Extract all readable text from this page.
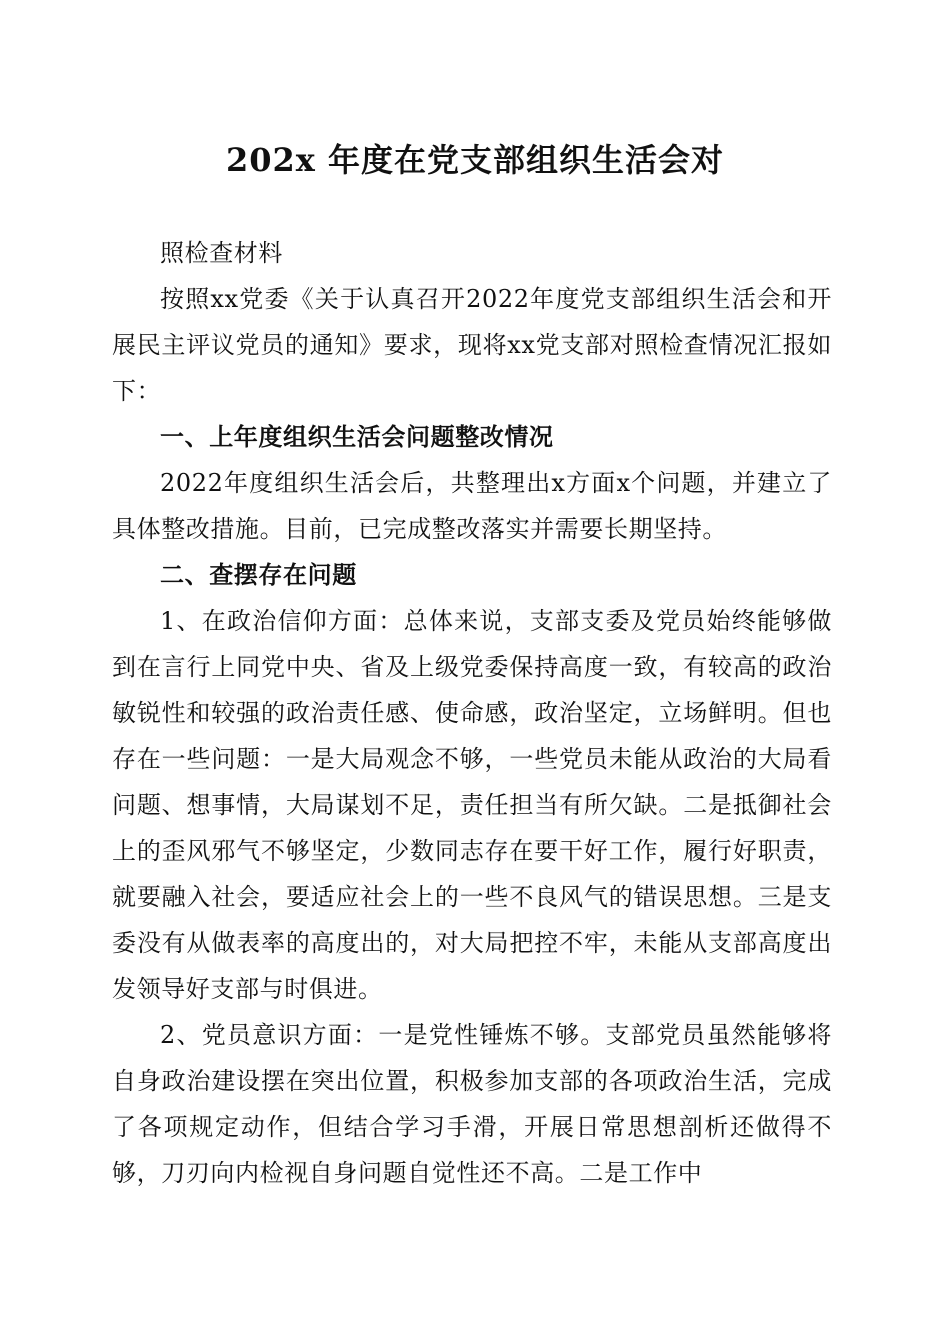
202x 年度在党支部组织生活会对

照检查材料

按照xx党委《关于认真召开2022年度党支部组织生活会和开展民主评议党员的通知》要求，现将xx党支部对照检查情况汇报如下：

一、上年度组织生活会问题整改情况

2022年度组织生活会后，共整理出x方面x个问题，并建立了具体整改措施。目前，已完成整改落实并需要长期坚持。

二、查摆存在问题

1、在政治信仰方面：总体来说，支部支委及党员始终能够做到在言行上同党中央、省及上级党委保持高度一致，有较高的政治敏锐性和较强的政治责任感、使命感，政治坚定，立场鲜明。但也存在一些问题：一是大局观念不够，一些党员未能从政治的大局看问题、想事情，大局谋划不足，责任担当有所欠缺。二是抵御社会上的歪风邪气不够坚定，少数同志存在要干好工作，履行好职责，就要融入社会，要适应社会上的一些不良风气的错误思想。三是支委没有从做表率的高度出的，对大局把控不牢，未能从支部高度出发领导好支部与时俱进。

2、党员意识方面：一是党性锤炼不够。支部党员虽然能够将自身政治建设摆在突出位置，积极参加支部的各项政治生活，完成了各项规定动作，但结合学习手滑，开展日常思想剖析还做得不够，刀刃向内检视自身问题自觉性还不高。二是工作中
